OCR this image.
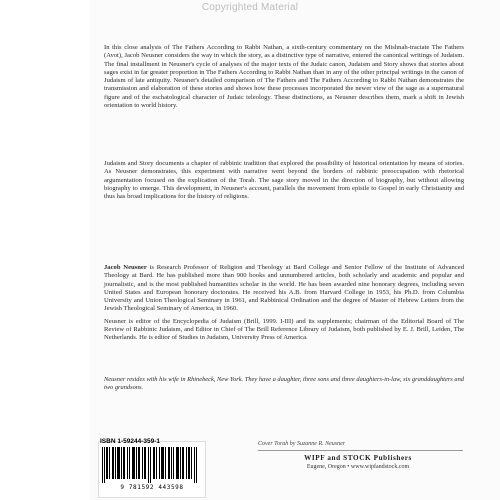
Copyrighted Material

In this close analysis of The Fathers According to Rabbi Nathan, a sixth-century commentary on the Mishnah-tractate The Fathers (Avot), Jacob Neusner considers the way in which the story, as a distinctive type of narrative, entered the canonical writings of Judaism. The final installment in Neusner's cycle of analyses of the major texts of the Judaic canon, Judaism and Story shows that stories about sages exist in far greater proportion in The Fathers According to Rabbi Nathan than in any of the other principal writings in the canon of Judaism of late antiquity. Neusner's detailed comparison of The Fathers and The Fathers According to Rabbi Nathan demonstrates the transmission and elaboration of these stories and shows how these processes incorporated the newer view of the sage as a supernatural figure and of the eschatological character of Judaic teleology. These distinctions, as Neusner describes them, mark a shift in Jewish orientation to world history.

Judaism and Story documents a chapter of rabbinic tradition that explored the possibility of historical orientation by means of stories. As Neusner demonstrates, this experiment with narrative went beyond the borders of rabbinic preoccupation with rhetorical argumentation focused on the explication of the Torah. The sage story moved in the direction of biography, but without allowing biography to emerge. This development, in Neusner's account, parallels the movement from epistle to Gospel in early Christianity and thus has broad implications for the history of religions.

Jacob Neusner is Research Professor of Religion and Theology at Bard College and Senior Fellow of the Institute of Advanced Theology at Bard. He has published more than 900 books and unnumbered articles, both scholarly and academic and popular and journalistic, and is the most published humanities scholar in the world. He has been awarded nine honorary degrees, including seven United States and European honorary doctorates. He received his A.B. from Harvard College in 1953, his Ph.D. from Columbia University and Union Theological Seminary in 1961, and Rabbinical Ordination and the degree of Master of Hebrew Letters from the Jewish Theological Seminary of America, in 1960.

Neusner is editor of the Encyclopedia of Judaism (Brill, 1999. I-III) and its supplements; chairman of the Editorial Board of The Review of Rabbinic Judaism, and Editor in Chief of The Brill Reference Library of Judaism, both published by E. J. Brill, Leiden, The Netherlands. He is editor of Studies in Judaism, University Press of America.

Neusner resides with his wife in Rhinebeck, New York. They have a daughter, three sons and three daughters-in-law, six granddaughters and two grandsons.
ISBN 1-59244-359-1
9 781592 443598
Cover Torah by Suzanne R. Neusner
WIPF and STOCK Publishers
Eugene, Oregon • www.wipfandstock.com
